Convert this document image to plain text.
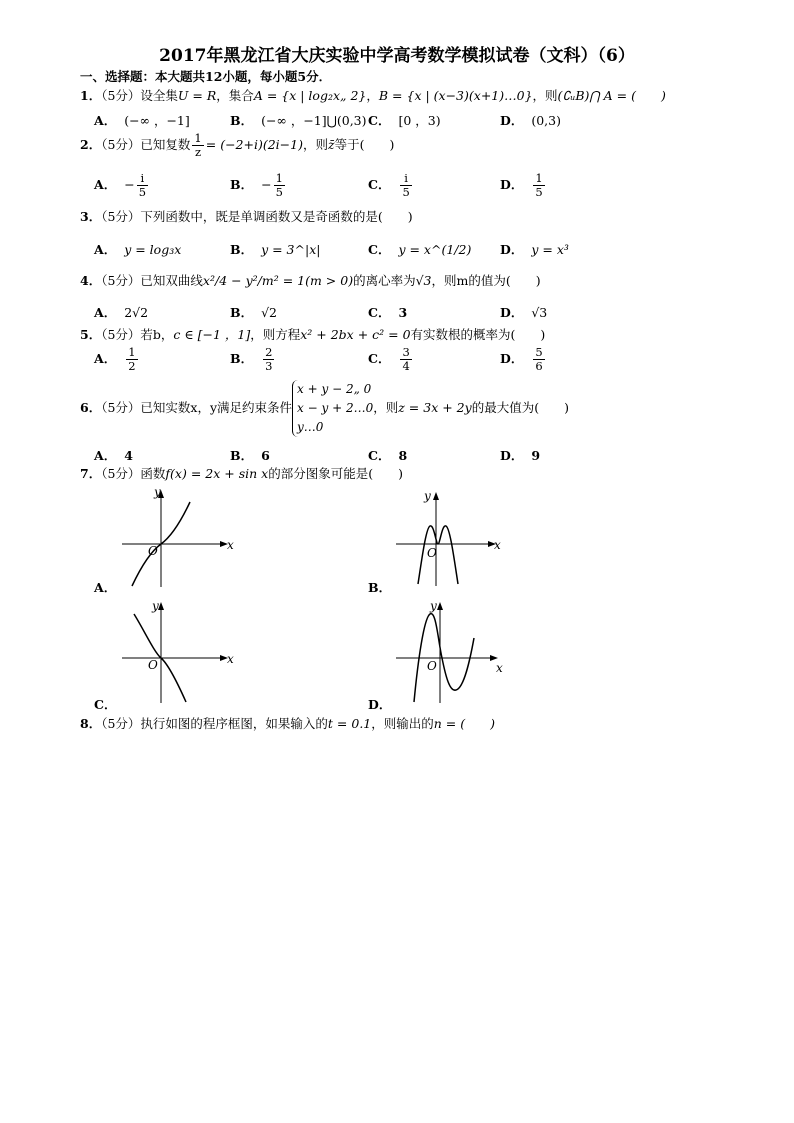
2017年黑龙江省大庆实验中学高考数学模拟试卷（文科）（6）
一、选择题：本大题共12小题，每小题5分．
1．（5分）设全集U = R，集合A = {x | log₂x„ 2}，B = {x | (x−3)(x+1)…0}，则(∁ᵤB)⋂ A = (　　)
A． (−∞ ，−1]	B． (−∞ ，−1]⋃(0,3) C． [0 ，3)	D． (0,3)
2．（5分）已知复数 $\frac{1}{z} = (-2+i)(2i-1)$，则z̄等于(　　)
A． − $\frac{i}{5}$	B． − $\frac{1}{5}$	C． $\frac{i}{5}$	D． $\frac{1}{5}$
3．（5分）下列函数中，既是单调函数又是奇函数的是(　　)
A． y = log₃x	B． y = 3^|x|	C． y = x^(1/2) D． y = x³
4．（5分）已知双曲线x²/4 − y²/m² = 1(m > 0)的离心率为√3，则m的值为(　　)
A． 2√2	B． √2	C． 3	D． √3
5．（5分）若b，c ∈ [−1 ，1]，则方程x² + 2bx + c² = 0有实数根的概率为(　　)
A． $\frac{1}{2}$	B． $\frac{2}{3}$	C． $\frac{3}{4}$	D． $\frac{5}{6}$
6．（5分）已知实数x，y满足约束条件x + y − 2„ 0
x − y + 2…0
y…0，则z = 3x + 2y的最大值为(　　)
A． 4	B． 6	C． 8	D． 9
7．（5分）函数f(x) = 2x + sin x的部分图象可能是(　　)
y
x
O
A．
y
x
O
B．
y
x
O
C．
y
x
O
D．
8．（5分）执行如图的程序框图，如果输入的t = 0.1，则输出的n = (　　)
